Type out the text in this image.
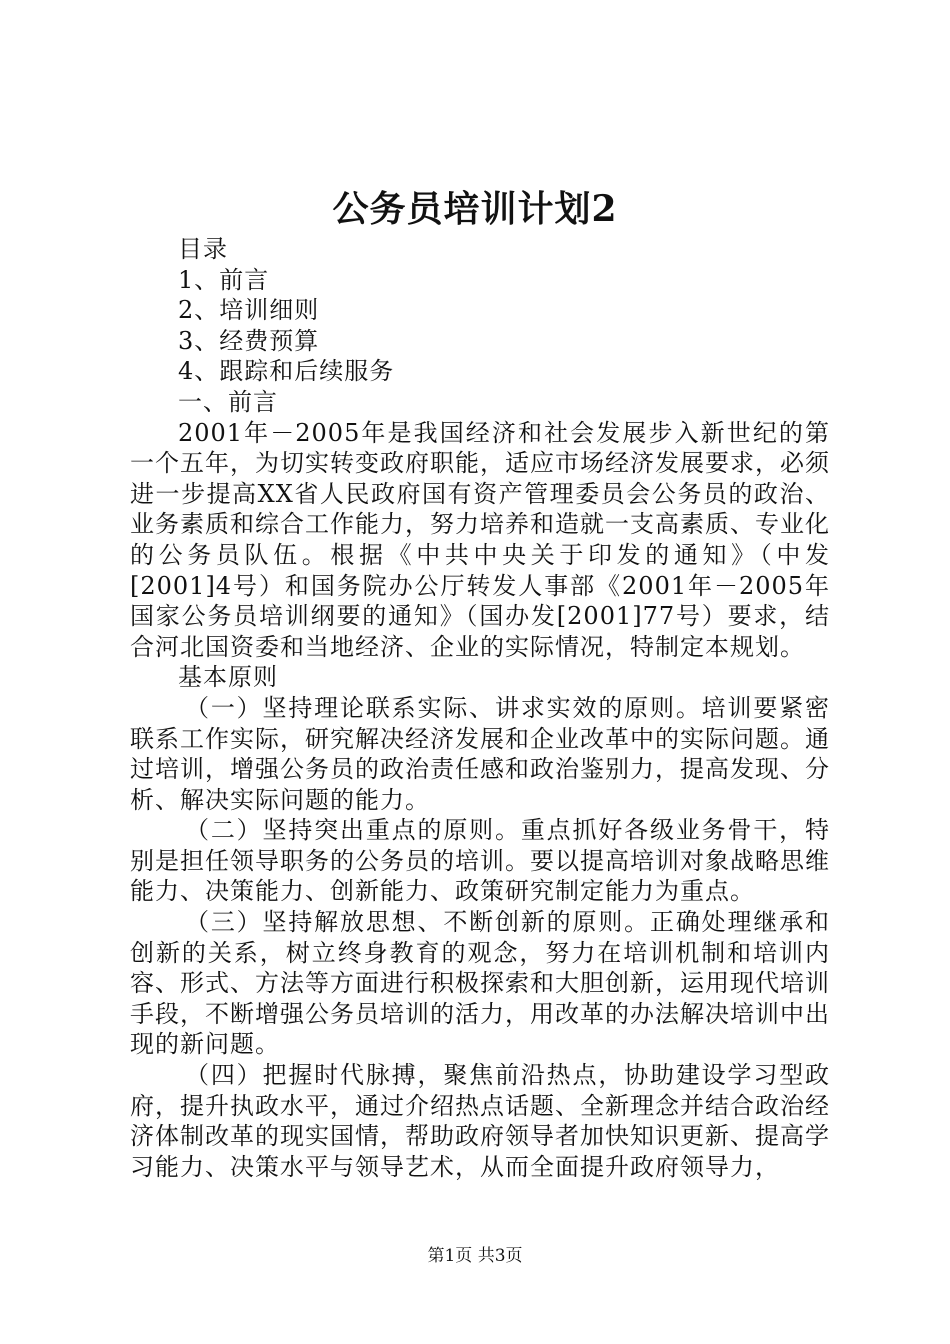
公务员培训计划2

目录

1、前言

2、培训细则

3、经费预算

4、跟踪和后续服务

一、前言

2001年－2005年是我国经济和社会发展步入新世纪的第一个五年，为切实转变政府职能，适应市场经济发展要求，必须进一步提高XX省人民政府国有资产管理委员会公务员的政治、业务素质和综合工作能力，努力培养和造就一支高素质、专业化的公务员队伍。根据《中共中央关于印发的通知》（中发[2001]4号）和国务院办公厅转发人事部《2001年－2005年国家公务员培训纲要的通知》（国办发[2001]77号）要求，结合河北国资委和当地经济、企业的实际情况，特制定本规划。

基本原则

（一）坚持理论联系实际、讲求实效的原则。培训要紧密联系工作实际，研究解决经济发展和企业改革中的实际问题。通过培训，增强公务员的政治责任感和政治鉴别力，提高发现、分析、解决实际问题的能力。

（二）坚持突出重点的原则。重点抓好各级业务骨干，特别是担任领导职务的公务员的培训。要以提高培训对象战略思维能力、决策能力、创新能力、政策研究制定能力为重点。

（三）坚持解放思想、不断创新的原则。正确处理继承和创新的关系，树立终身教育的观念，努力在培训机制和培训内容、形式、方法等方面进行积极探索和大胆创新，运用现代培训手段，不断增强公务员培训的活力，用改革的办法解决培训中出现的新问题。

（四）把握时代脉搏，聚焦前沿热点，协助建设学习型政府，提升执政水平，通过介绍热点话题、全新理念并结合政治经济体制改革的现实国情，帮助政府领导者加快知识更新、提高学习能力、决策水平与领导艺术，从而全面提升政府领导力，

第1页 共3页
